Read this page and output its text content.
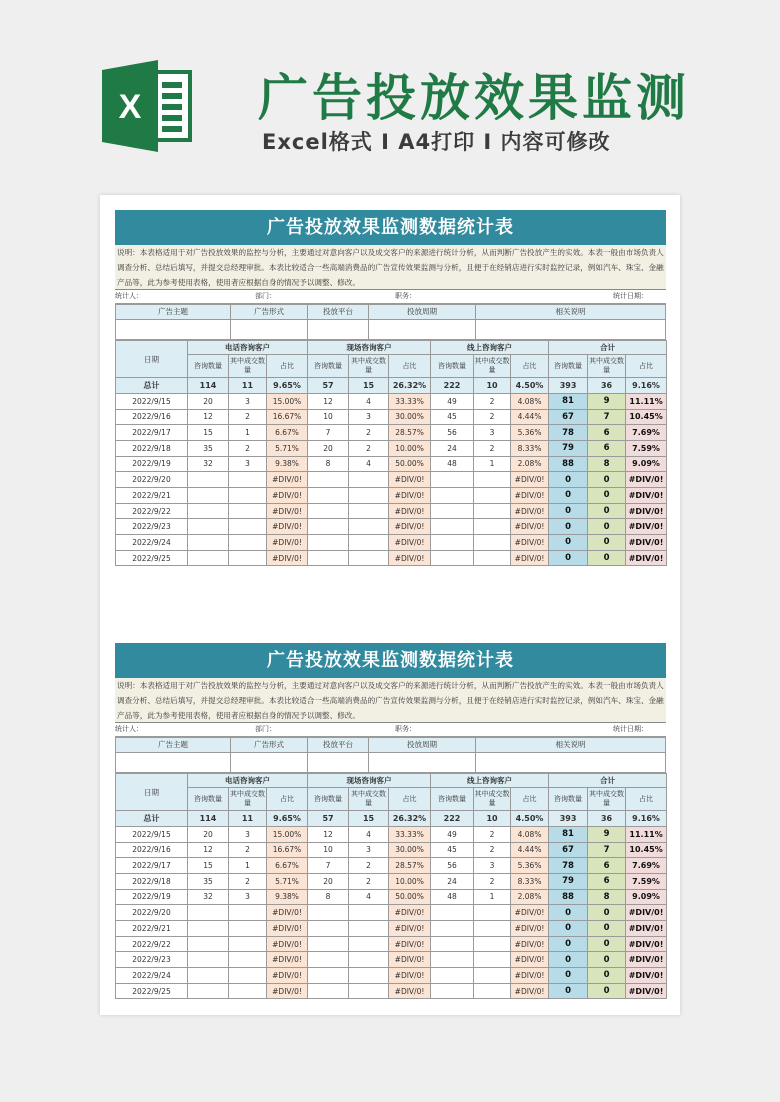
X 广告投放效果监测
Excel格式 I A4打印 I 内容可修改
广告投放效果监测数据统计表
说明：本表格适用于对广告投放效果的监控与分析，主要通过对意向客户以及成交客户的来源进行统计分析，从而判断广告投放产生的实效。本表一般由市场负责人调查分析、总结后填写，并提交总经理审批。本表比较适合一些高端消费品的广告宣传效果监测与分析，且便于在经销店进行实时监控记录，例如汽车、珠宝、金融产品等，此为参考使用表格，使用者应根据自身的情况予以调整、修改。
统计人：	部门：	职务：	统计日期：
广告主题	广告形式	投放平台	投放周期	相关说明

日期	电话咨询客户			现场咨询客户			线上咨询客户			合计		
	咨询数量	其中成交数量	占比	咨询数量	其中成交数量	占比	咨询数量	其中成交数量	占比	咨询数量	其中成交数量	占比
总计	114	11	9.65%	57	15	26.32%	222	10	4.50%	393	36	9.16%
2022/9/15	20	3	15.00%	12	4	33.33%	49	2	4.08%	81	9	11.11%
2022/9/16	12	2	16.67%	10	3	30.00%	45	2	4.44%	67	7	10.45%
2022/9/17	15	1	6.67%	7	2	28.57%	56	3	5.36%	78	6	7.69%
2022/9/18	35	2	5.71%	20	2	10.00%	24	2	8.33%	79	6	7.59%
2022/9/19	32	3	9.38%	8	4	50.00%	48	1	2.08%	88	8	9.09%
2022/9/20			#DIV/0!			#DIV/0!			#DIV/0!	0	0	#DIV/0!
2022/9/21			#DIV/0!			#DIV/0!			#DIV/0!	0	0	#DIV/0!
2022/9/22			#DIV/0!			#DIV/0!			#DIV/0!	0	0	#DIV/0!
2022/9/23			#DIV/0!			#DIV/0!			#DIV/0!	0	0	#DIV/0!
2022/9/24			#DIV/0!			#DIV/0!			#DIV/0!	0	0	#DIV/0!
2022/9/25			#DIV/0!			#DIV/0!			#DIV/0!	0	0	#DIV/0!
广告投放效果监测数据统计表
说明：本表格适用于对广告投放效果的监控与分析，主要通过对意向客户以及成交客户的来源进行统计分析，从而判断广告投放产生的实效。本表一般由市场负责人调查分析、总结后填写，并提交总经理审批。本表比较适合一些高端消费品的广告宣传效果监测与分析，且便于在经销店进行实时监控记录，例如汽车、珠宝、金融产品等，此为参考使用表格，使用者应根据自身的情况予以调整、修改。
统计人：	部门：	职务：	统计日期：
广告主题	广告形式	投放平台	投放周期	相关说明

日期	电话咨询客户			现场咨询客户			线上咨询客户			合计		
	咨询数量	其中成交数量	占比	咨询数量	其中成交数量	占比	咨询数量	其中成交数量	占比	咨询数量	其中成交数量	占比
总计	114	11	9.65%	57	15	26.32%	222	10	4.50%	393	36	9.16%
2022/9/15	20	3	15.00%	12	4	33.33%	49	2	4.08%	81	9	11.11%
2022/9/16	12	2	16.67%	10	3	30.00%	45	2	4.44%	67	7	10.45%
2022/9/17	15	1	6.67%	7	2	28.57%	56	3	5.36%	78	6	7.69%
2022/9/18	35	2	5.71%	20	2	10.00%	24	2	8.33%	79	6	7.59%
2022/9/19	32	3	9.38%	8	4	50.00%	48	1	2.08%	88	8	9.09%
2022/9/20			#DIV/0!			#DIV/0!			#DIV/0!	0	0	#DIV/0!
2022/9/21			#DIV/0!			#DIV/0!			#DIV/0!	0	0	#DIV/0!
2022/9/22			#DIV/0!			#DIV/0!			#DIV/0!	0	0	#DIV/0!
2022/9/23			#DIV/0!			#DIV/0!			#DIV/0!	0	0	#DIV/0!
2022/9/24			#DIV/0!			#DIV/0!			#DIV/0!	0	0	#DIV/0!
2022/9/25			#DIV/0!			#DIV/0!			#DIV/0!	0	0	#DIV/0!
